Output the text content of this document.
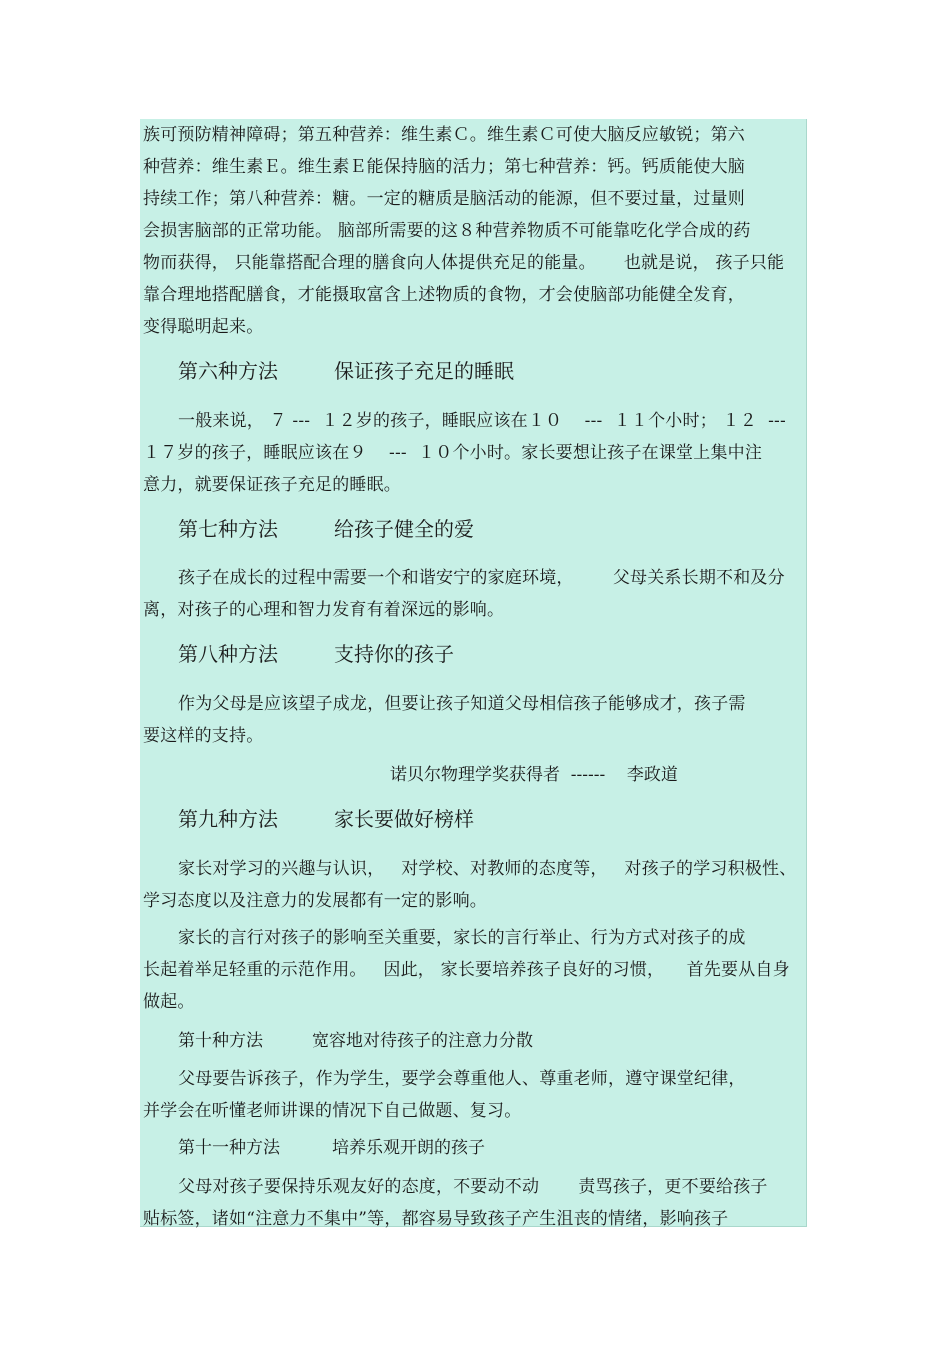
族可预防精神障碍；第五种营养：维生素Ｃ。维生素Ｃ可使大脑反应敏锐；第六
种营养：维生素Ｅ。维生素Ｅ能保持脑的活力；第七种营养：钙。钙质能使大脑
持续工作；第八种营养：糖。一定的糖质是脑活动的能源，但不要过量，过量则
会损害脑部的正常功能。 脑部所需要的这８种营养物质不可能靠吃化学合成的药
物而获得， 只能靠搭配合理的膳食向人体提供充足的能量。     也就是说， 孩子只能
靠合理地搭配膳食，才能摄取富含上述物质的食物，才会使脑部功能健全发育，
变得聪明起来。
第六种方法	保证孩子充足的睡眠
一般来说， ７ ---  １２岁的孩子，睡眠应该在１０    ---  １１个小时； １２  ---
１７岁的孩子，睡眠应该在９    ---  １０个小时。家长要想让孩子在课堂上集中注
意力，就要保证孩子充足的睡眠。
第七种方法	给孩子健全的爱
孩子在成长的过程中需要一个和谐安宁的家庭环境，       父母关系长期不和及分
离，对孩子的心理和智力发育有着深远的影响。
第八种方法	支持你的孩子
作为父母是应该望子成龙，但要让孩子知道父母相信孩子能够成才，孩子需
要这样的支持。
诺贝尔物理学奖获得者  ------    李政道
第九种方法	家长要做好榜样
家长对学习的兴趣与认识，   对学校、对教师的态度等，   对孩子的学习积极性、
学习态度以及注意力的发展都有一定的影响。
家长的言行对孩子的影响至关重要，家长的言行举止、行为方式对孩子的成
长起着举足轻重的示范作用。   因此， 家长要培养孩子良好的习惯，    首先要从自身
做起。
第十种方法	宽容地对待孩子的注意力分散
父母要告诉孩子，作为学生，要学会尊重他人、尊重老师，遵守课堂纪律，
并学会在听懂老师讲课的情况下自己做题、复习。
第十一种方法	培养乐观开朗的孩子
父母对孩子要保持乐观友好的态度，不要动不动       责骂孩子，更不要给孩子
贴标签，诸如“注意力不集中”等，都容易导致孩子产生沮丧的情绪，影响孩子
